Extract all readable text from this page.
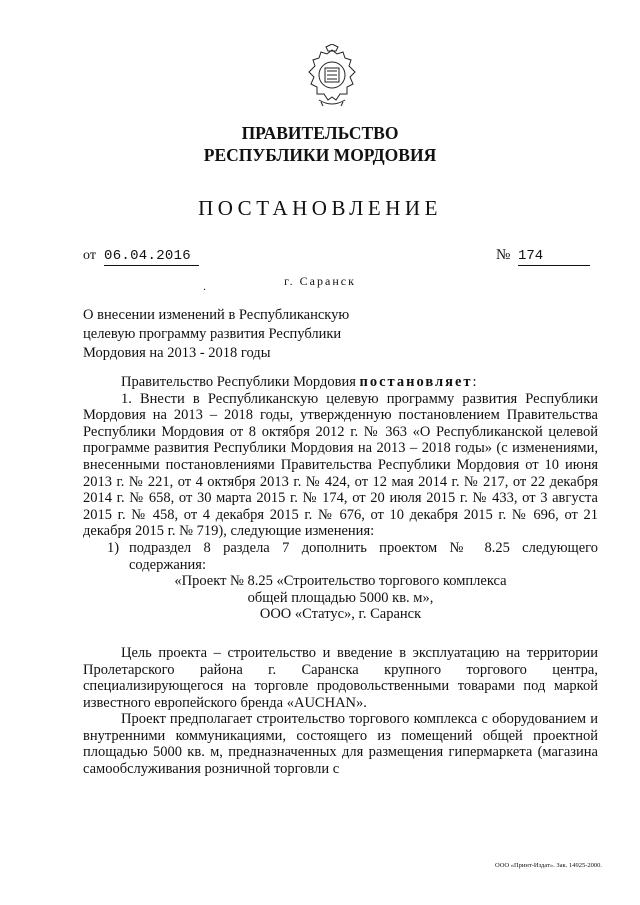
ПРАВИТЕЛЬСТВО
РЕСПУБЛИКИ МОРДОВИЯ
ПОСТАНОВЛЕНИЕ
от 06.04.2016	№ 174
.	г. Саранск
О внесении изменений в Республиканскую целевую программу развития Республики Мордовия на 2013 - 2018 годы

Правительство Республики Мордовия постановляет:

1. Внести в Республиканскую целевую программу развития Республики Мордовия на 2013 – 2018 годы, утвержденную постановлением Правительства Республики Мордовия от 8 октября 2012 г. № 363 «О Республиканской целевой программе развития Республики Мордовия на 2013 – 2018 годы» (с изменениями, внесенными постановлениями Правительства Республики Мордовия от 10 июня 2013 г. № 221, от 4 октября 2013 г. № 424, от 12 мая 2014 г. № 217, от 22 декабря 2014 г. № 658, от 30 марта 2015 г. № 174, от 20 июля 2015 г. № 433, от 3 августа 2015 г. № 458, от 4 декабря 2015 г. № 676, от 10 декабря 2015 г. № 696, от 21 декабря 2015 г. № 719), следующие изменения:

1) подраздел 8 раздела 7 дополнить проектом № 8.25 следующего содержания:

«Проект № 8.25 «Строительство торгового комплекса

общей площадью 5000 кв. м»,

ООО «Статус», г. Саранск

Цель проекта – строительство и введение в эксплуатацию на территории Пролетарского района г. Саранска крупного торгового центра, специализирующегося на торговле продовольственными товарами под маркой известного европейского бренда «AUCHAN».

Проект предполагает строительство торгового комплекса с оборудованием и внутренними коммуникациями, состоящего из помещений общей проектной площадью 5000 кв. м, предназначенных для размещения гипермаркета (магазина самообслуживания розничной торговли с

ООО «Принт-Издат». Зак. 14925-2000.
